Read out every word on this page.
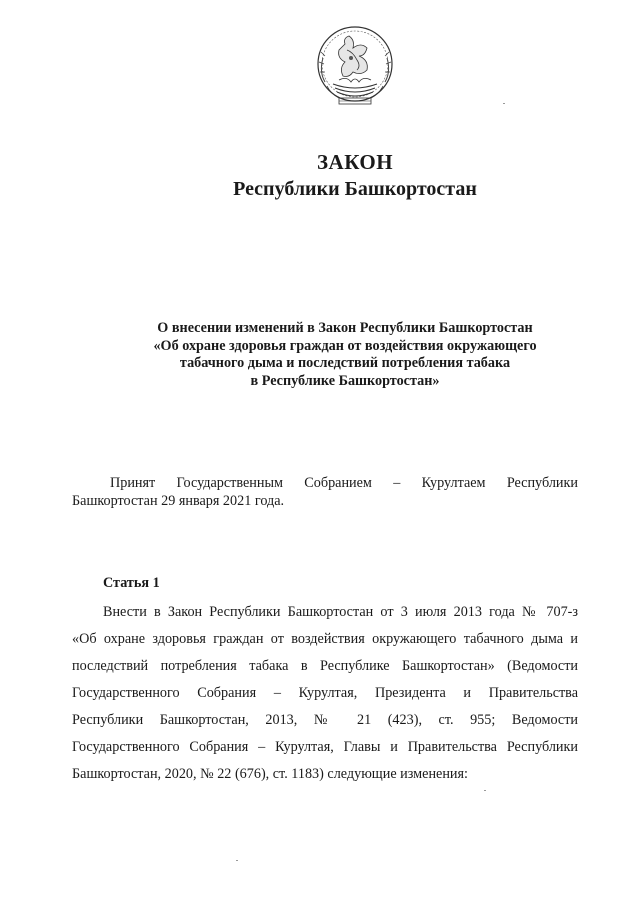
ЗАКОН
Республики Башкортостан
О внесении изменений в Закон Республики Башкортостан
«Об охране здоровья граждан от воздействия окружающего
табачного дыма и последствий потребления табака
в Республике Башкортостан»
Принят Государственным Собранием – Курултаем Республики
Башкортостан 29 января 2021 года.
Статья 1
Внести в Закон Республики Башкортостан от 3 июля 2013 года № 707-з
«Об охране здоровья граждан от воздействия окружающего табачного дыма и
последствий потребления табака в Республике Башкортостан» (Ведомости
Государственного Собрания – Курултая, Президента и Правительства
Республики Башкортостан, 2013, № 21 (423), ст. 955; Ведомости
Государственного Собрания – Курултая, Главы и Правительства Республики
Башкортостан, 2020, № 22 (676), ст. 1183) следующие изменения:
